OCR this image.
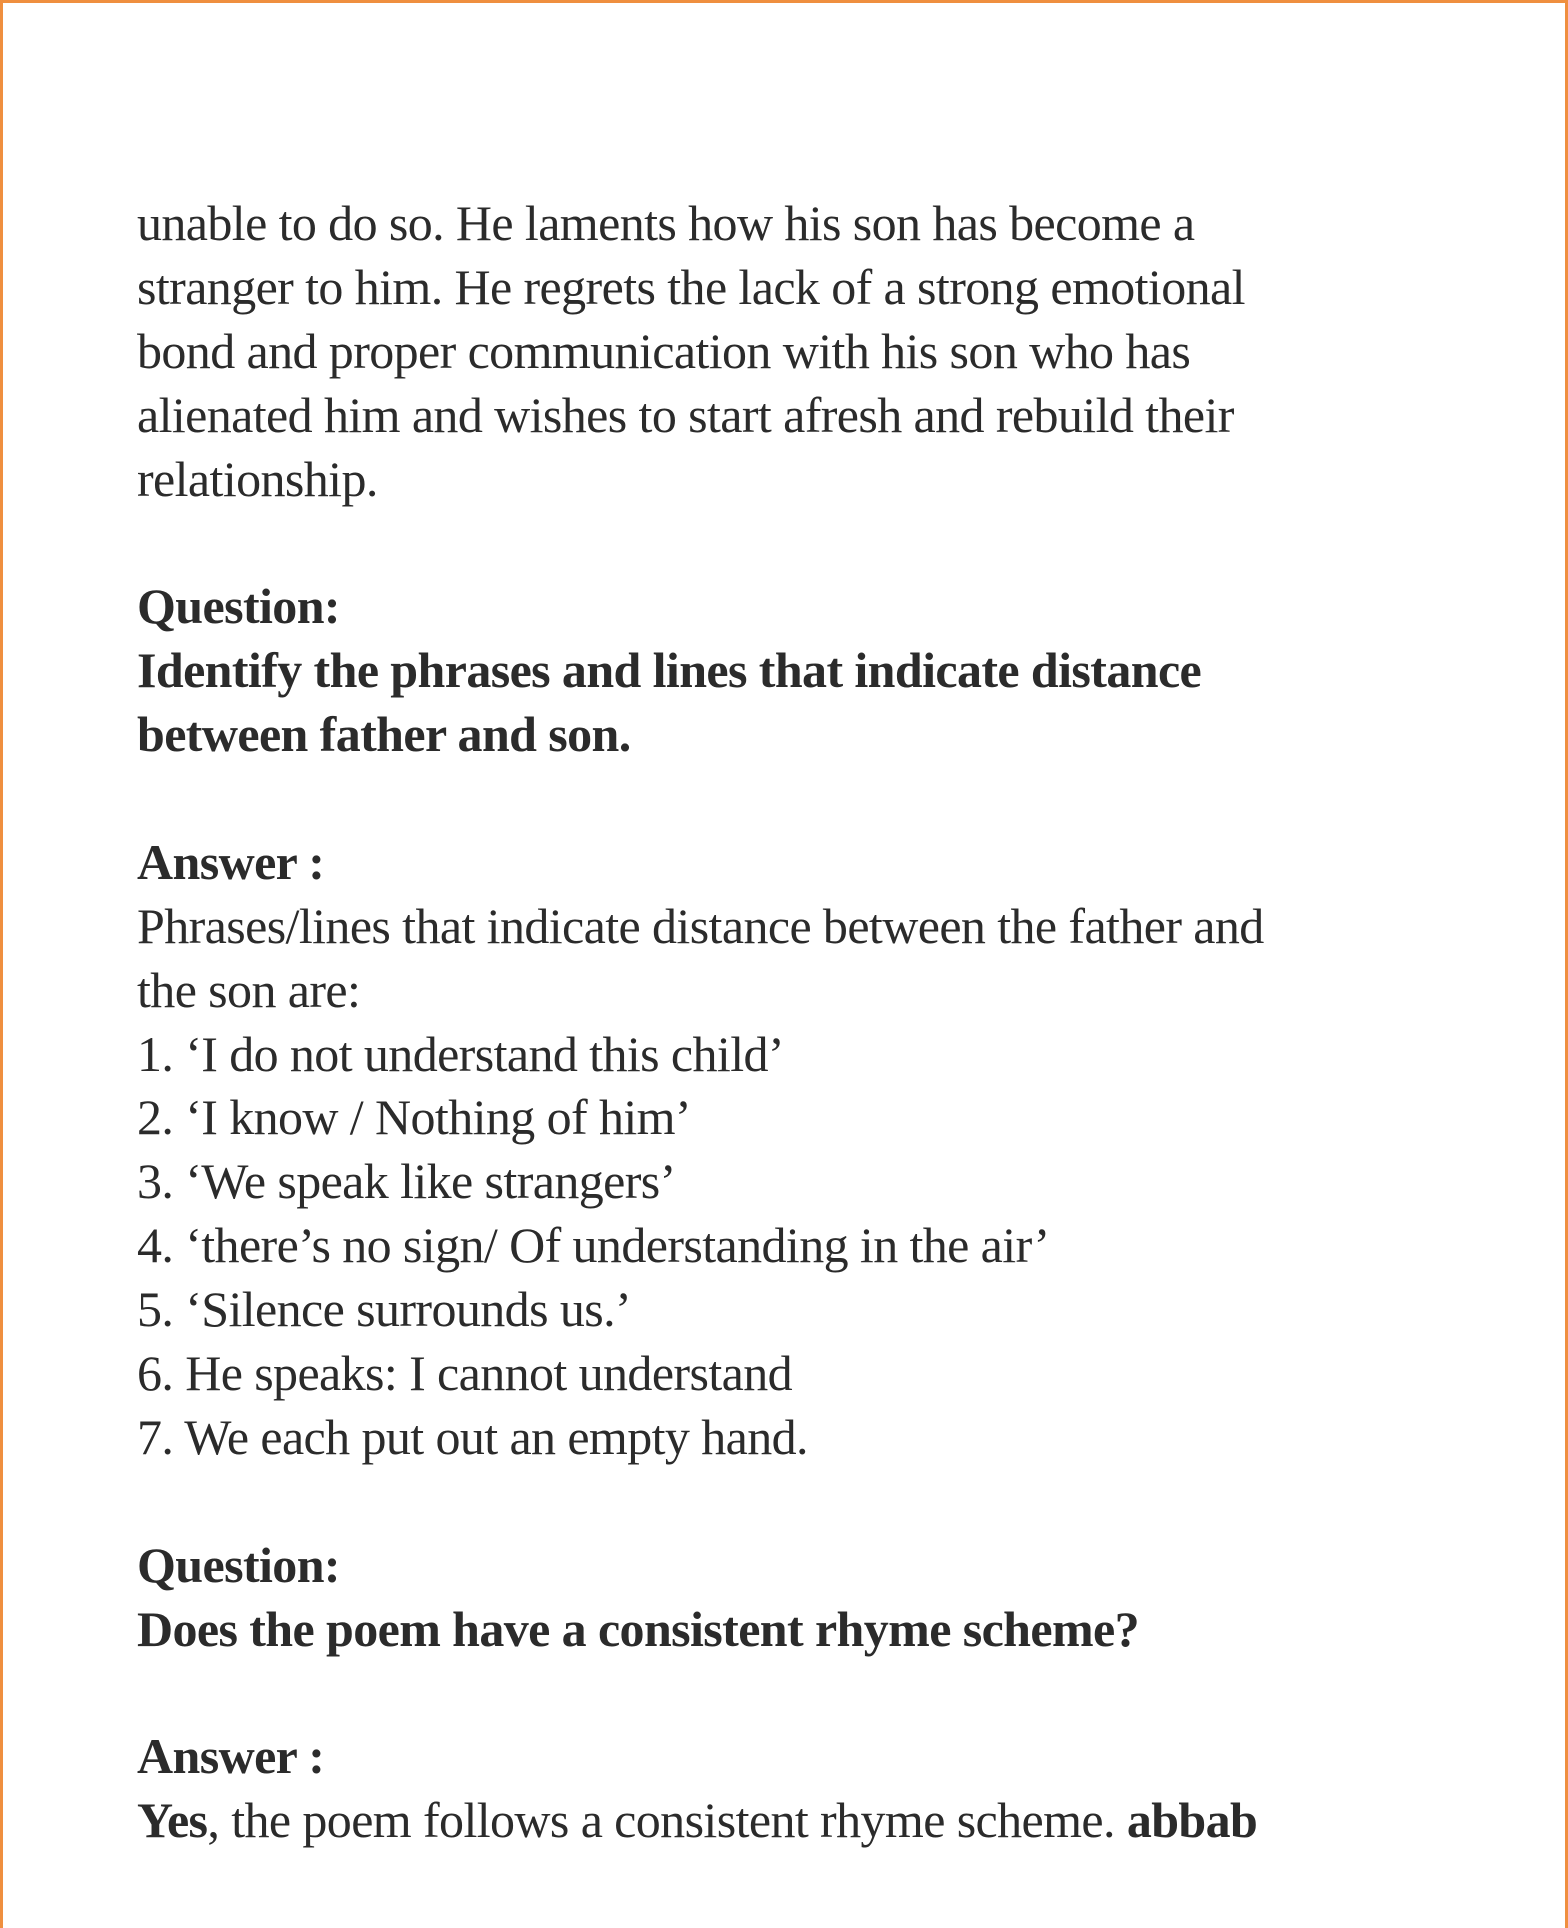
unable to do so. He laments how his son has become a
stranger to him. He regrets the lack of a strong emotional
bond and proper communication with his son who has
alienated him and wishes to start afresh and rebuild their
relationship.
Question:
Identify the phrases and lines that indicate distance
between father and son.
Answer :
Phrases/lines that indicate distance between the father and
the son are:
1. ‘I do not understand this child’
2. ‘I know / Nothing of him’
3. ‘We speak like strangers’
4. ‘there’s no sign/ Of understanding in the air’
5. ‘Silence surrounds us.’
6. He speaks: I cannot understand
7. We each put out an empty hand.
Question:
Does the poem have a consistent rhyme scheme?
Answer :
Yes, the poem follows a consistent rhyme scheme. abbab
